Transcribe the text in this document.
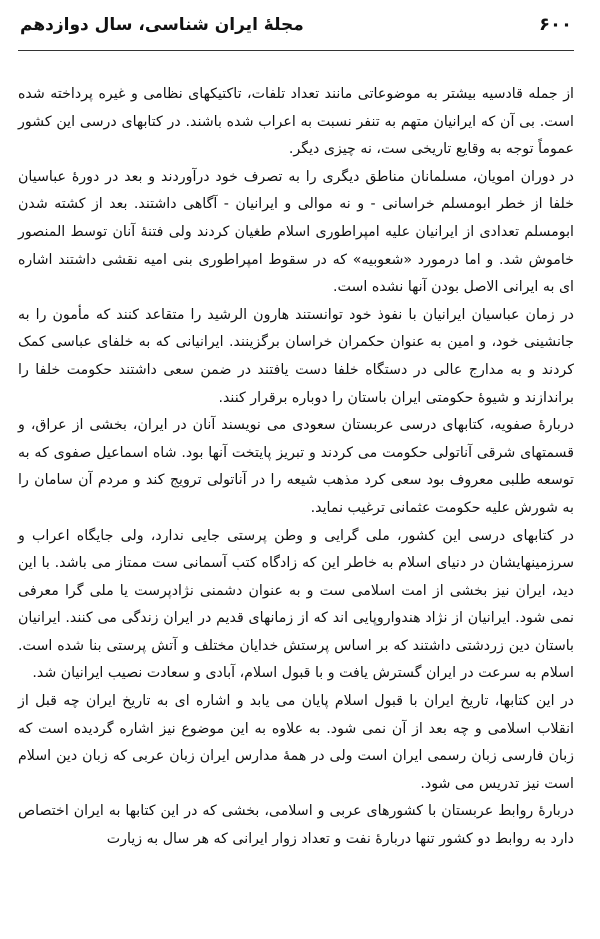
۶۰۰
مجلۀ ایران شناسی، سال دوازدهم

از جمله قادسیه بیشتر به موضوعاتی مانند تعداد تلفات، تاکتیکهای نظامی و غیره پرداخته شده است. بی آن که ایرانیان متهم به تنفر نسبت به اعراب شده باشند. در کتابهای درسی این کشور عموماً توجه به وقایع تاریخی ست، نه چیزی دیگر.

در دوران امویان، مسلمانان مناطق دیگری را به تصرف خود درآوردند و بعد در دورۀ عباسیان خلفا از خطر ابومسلم خراسانی - و نه موالی و ایرانیان - آگاهی داشتند. بعد از کشته شدن ابومسلم تعدادی از ایرانیان علیه امپراطوری اسلام طغیان کردند ولی فتنۀ آنان توسط المنصور خاموش شد. و اما درمورد «شعوبیه» که در سقوط امپراطوری بنی امیه نقشی داشتند اشاره ای به ایرانی الاصل بودن آنها نشده است.

در زمان عباسیان ایرانیان با نفوذ خود توانستند هارون الرشید را متقاعد کنند که مأمون را به جانشینی خود، و امین به عنوان حکمران خراسان برگزینند. ایرانیانی که به خلفای عباسی کمک کردند و به مدارج عالی در دستگاه خلفا دست یافتند در ضمن سعی داشتند حکومت خلفا را براندازند و شیوۀ حکومتی ایران باستان را دوباره برقرار کنند.

دربارۀ صفویه، کتابهای درسی عربستان سعودی می نویسند آنان در ایران، بخشی از عراق، و قسمتهای شرقی آناتولی حکومت می کردند و تبریز پایتخت آنها بود. شاه اسماعیل صفوی که به توسعه طلبی معروف بود سعی کرد مذهب شیعه را در آناتولی ترویج کند و مردم آن سامان را به شورش علیه حکومت عثمانی ترغیب نماید.

در کتابهای درسی این کشور، ملی گرایی و وطن پرستی جایی ندارد، ولی جایگاه اعراب و سرزمینهایشان در دنیای اسلام به خاطر این که زادگاه کتب آسمانی ست ممتاز می باشد. با این دید، ایران نیز بخشی از امت اسلامی ست و به عنوان دشمنی نژادپرست یا ملی گرا معرفی نمی شود. ایرانیان از نژاد هندواروپایی اند که از زمانهای قدیم در ایران زندگی می کنند. ایرانیان باستان دین زردشتی داشتند که بر اساس پرستش خدایان مختلف و آتش پرستی بنا شده است. اسلام به سرعت در ایران گسترش یافت و با قبول اسلام، آبادی و سعادت نصیب ایرانیان شد.

در این کتابها، تاریخ ایران با قبول اسلام پایان می یابد و اشاره ای به تاریخ ایران چه قبل از انقلاب اسلامی و چه بعد از آن نمی شود. به علاوه به این موضوع نیز اشاره گردیده است که زبان فارسی زبان رسمی ایران است ولی در همۀ مدارس ایران زبان عربی که زبان دین اسلام است نیز تدریس می شود.

دربارۀ روابط عربستان با کشورهای عربی و اسلامی، بخشی که در این کتابها به ایران اختصاص دارد به روابط دو کشور تنها دربارۀ نفت و تعداد زوار ایرانی که هر سال به زیارت
